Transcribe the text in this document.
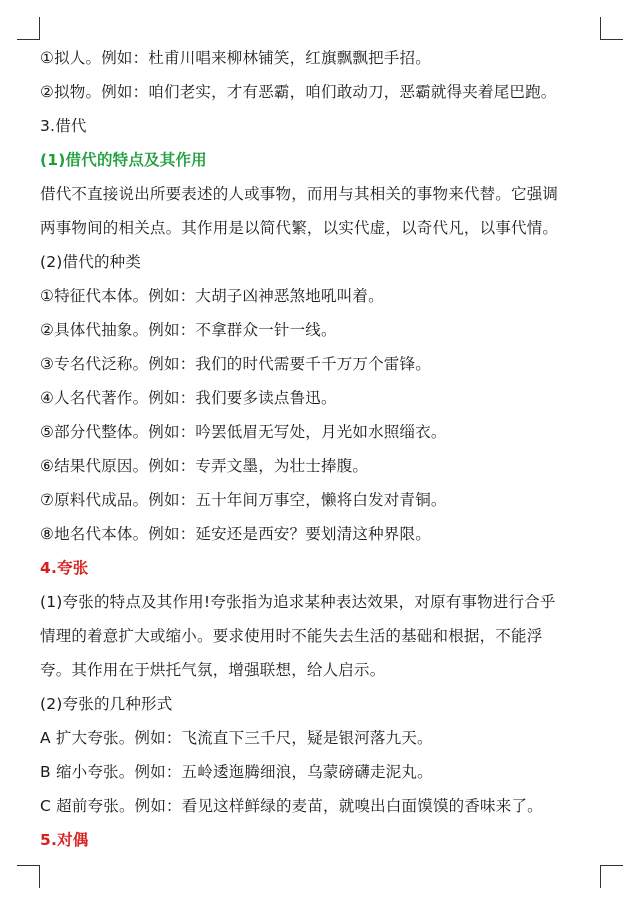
①拟人。例如：杜甫川唱来柳林铺笑，红旗飘飘把手招。
②拟物。例如：咱们老实，才有恶霸，咱们敢动刀，恶霸就得夹着尾巴跑。
3.借代
(1)借代的特点及其作用
借代不直接说出所要表述的人或事物，而用与其相关的事物来代替。它强调
两事物间的相关点。其作用是以简代繁，以实代虚，以奇代凡，以事代情。
(2)借代的种类
①特征代本体。例如：大胡子凶神恶煞地吼叫着。
②具体代抽象。例如：不拿群众一针一线。
③专名代泛称。例如：我们的时代需要千千万万个雷锋。
④人名代著作。例如：我们要多读点鲁迅。
⑤部分代整体。例如：吟罢低眉无写处，月光如水照缁衣。
⑥结果代原因。例如：专弄文墨，为壮士捧腹。
⑦原料代成品。例如：五十年间万事空，懒将白发对青铜。
⑧地名代本体。例如：延安还是西安？要划清这种界限。
4.夸张
(1)夸张的特点及其作用!夸张指为追求某种表达效果，对原有事物进行合乎
情理的着意扩大或缩小。要求使用时不能失去生活的基础和根据，不能浮
夸。其作用在于烘托气氛，增强联想，给人启示。
(2)夸张的几种形式
A 扩大夸张。例如：飞流直下三千尺，疑是银河落九天。
B 缩小夸张。例如：五岭逶迤腾细浪，乌蒙磅礴走泥丸。
C 超前夸张。例如：看见这样鲜绿的麦苗，就嗅出白面馍馍的香味来了。
5.对偶
